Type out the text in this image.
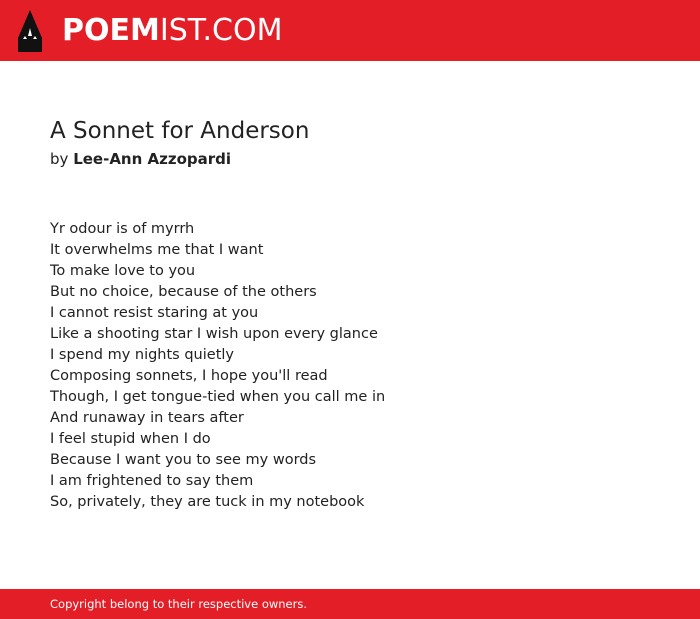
POEMIST.COM
A Sonnet for Anderson
by Lee-Ann Azzopardi
Yr odour is of myrrh
It overwhelms me that I want
To make love to you
But no choice, because of the others
I cannot resist staring at you
Like a shooting star I wish upon every glance
I spend my nights quietly
Composing sonnets, I hope you'll read
Though, I get tongue-tied when you call me in
And runaway in tears after
I feel stupid when I do
Because I want you to see my words
I am frightened to say them
So, privately, they are tuck in my notebook
Copyright belong to their respective owners.
